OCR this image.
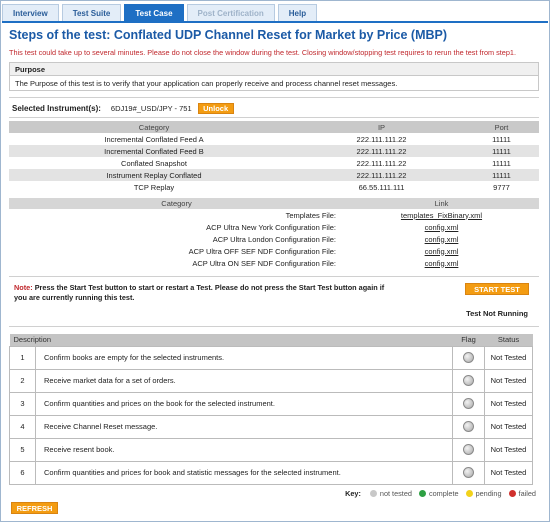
Interview	Test Suite	Test Case	Post Certification	Help
Steps of the test: Conflated UDP Channel Reset for Market by Price (MBP)
This test could take up to several minutes. Please do not close the window during the test. Closing window/stopping test requires to rerun the test from step1.
Purpose
The Purpose of this test is to verify that your application can properly receive and process channel reset messages.
Selected Instrument(s): 6DJ19#_USD/JPY - 751	Unlock
Category	IP	Port
Incremental Conflated Feed A	222.111.111.22	11111
Incremental Conflated Feed B	222.111.111.22	11111
Conflated Snapshot	222.111.111.22	11111
Instrument Replay Conflated	222.111.111.22	11111
TCP Replay	66.55.111.111	9777
Category	Link
Templates File:	templates_FixBinary.xml
ACP Ultra New York Configuration File:	config.xml
ACP Ultra London Configuration File:	config.xml
ACP Ultra OFF SEF NDF Configuration File:	config.xml
ACP Ultra ON SEF NDF Configuration File:	config.xml
Note: Press the Start Test button to start or restart a Test. Please do not press the Start Test button again if you are currently running this test.
START TEST
Test Not Running
Description		Flag	Status
1	Confirm books are empty for the selected instruments.		Not Tested
2	Receive market data for a set of orders.		Not Tested
3	Confirm quantities and prices on the book for the selected instrument.		Not Tested
4	Receive Channel Reset message.		Not Tested
5	Receive resent book.		Not Tested
6	Confirm quantities and prices for book and statistic messages for the selected instrument.		Not Tested
Key:	not tested complete pending failed
REFRESH
